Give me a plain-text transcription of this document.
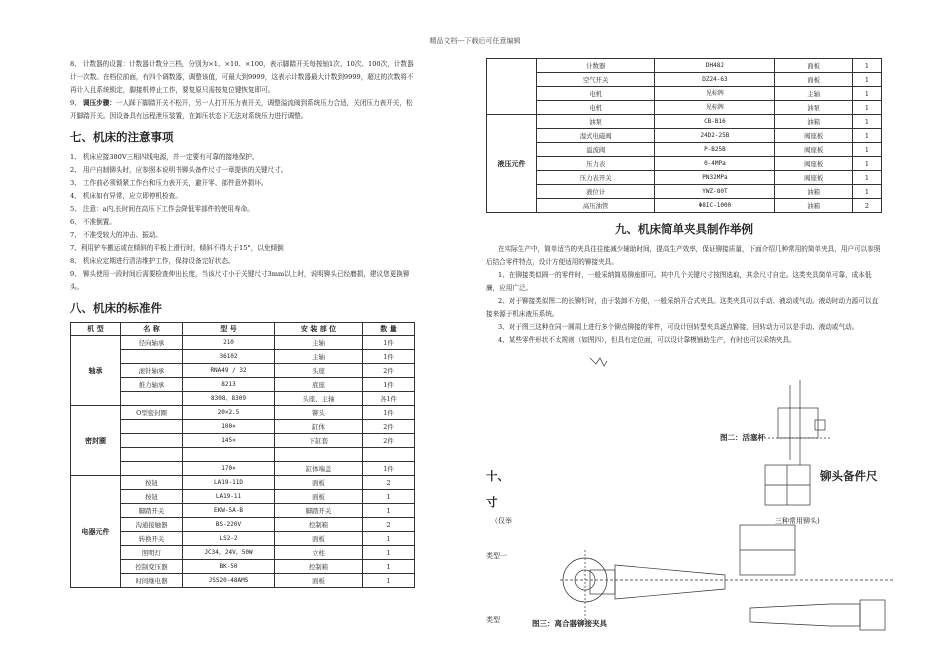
精品文档---下载后可任意编辑

8、 计数器的设置：计数器计数分三档，分别为×1、×10、×100，表示脚踏开关每按铀1次、10次、100次，计数器计一次数。在档位前面，有四个调数器，调整该值，可最大到9999，这表示计数器最大计数到9999，超过的次数将不再计入且系统锁定，脚接机停止工作，要复原只需按复位键恢复即可。

9、 调压步骤：一人踩下脚踏开关不松开，另一人打开压力表开关，调整溢流阀到系统压力合适，关闭压力表开关，松开脚踏开关。因设备具有远程泄压装置，在卸压状态下无法对系统压力进行调整。

七、机床的注意事项

1、 机床应接380V三相四线电源，并一定要有可靠的接地保护。

2、 用户自制铆头时，应参照本说明书铆头备件尺寸一章提供的关键尺寸。

3、 工作前必须锁紧工作台和压力表开关，避开零、部件意外损坏。

4、 机床如有异常，应立即停机检查。

5、 注意：a内,长时间在高压下工作会降低零部件的使用寿命。

6、 不准倒置。

7、 不准受较大的冲击、振动。

7、利用铲车搬运或在倾斜的平板上滑行时，倾斜不得大于15°，以免倾倒

8、 机床应定期进行清洁维护工作，保持设备完好状态。

9、 铆头使用一段时间后需要检查伸出长度，当该尺寸小于关键尺寸3mm以上时，说明铆头已经磨损，建议您更换铆头。

八、机床的标准件
机 型	名 称	型 号	安 装 部 位	数 量
轴承	径向轴承	210	主轴	1件
		36102	主轴	1件
	滚针轴承	RNA49 / 32	头座	2件
	推力轴承	8213	底座	1件
		8308、8309	头座、主轴	各1件
密封圈	O型密封圈	20×2.5	铆头	1件
		100×	缸体	2件
		145×	下缸套	2件

		170×	缸体端盖	1件
电器元件	按钮	LA19-11D	面板	2
	按钮	LA19-11	面板	1
	脚踏开关	EKW-5A-B	脚踏开关	1
	沟通接触器	BS-220V	控制箱	2
	转换开关	LS2-2	面板	1
	照明灯	JC34，24V，50W	立柱	1
	控制变压器	BK-50	控制箱	1
	时间继电器	JSS20-48AMS	面板	1
	计数器	DH48J	面板	1
	空气开关	DZ24-63	面板	1
	电机	见标牌	主轴	1
	电机	见标牌	油泵	1
液压元件	油泵	CB-B16	油箱	1
	湿式电磁阀	24D2-25B	阀座板	1
	溢流阀	P-B25B	阀座板	1
	压力表	0-4MPa	阀座板	1
	压力表开关	PN32MPa	阀座板	1
	液位计	YWZ-80T	油箱	1
	高压油管	Φ8IC-1000	油箱	2
九、机床简单夹具制作举例

在实际生产中，简单适当的夹具往往能减少辅助时间，提高生产效率，保证铆接质量，下面介绍几种常用的简单夹具，用户可以参照后结合零件特点，设计方便适用的铆接夹具。

1、在铆接类似圆一的零件时，一般采纳简易铆座即可。其中几个关键尺寸按图选取，其余尺寸自定。这类夹具简单可靠，成本低廉，应用广泛。

2、对于铆接类似图二的长铆钉时，由于装卸不方便，一般采纳开合式夹具。这类夹具可以手动、液动或气动。液动时动力源可以直接来源于机床液压系统。

3、对于图三这种在同一圆周上进行多个铆点铆接的零件，可设计回转型夹具逐点铆接，回转动力可以是手动、液动或气动。

4、某些零件形状不太规则（如图四），但具有定位面，可以设计靠模铺助生产，有时也可以采纳夹具。

图二：活塞杆
十、	铆头备件尺
寸
（仅举	三种常用铆头)
类型一
类型	图三：离合器铆接夹具
